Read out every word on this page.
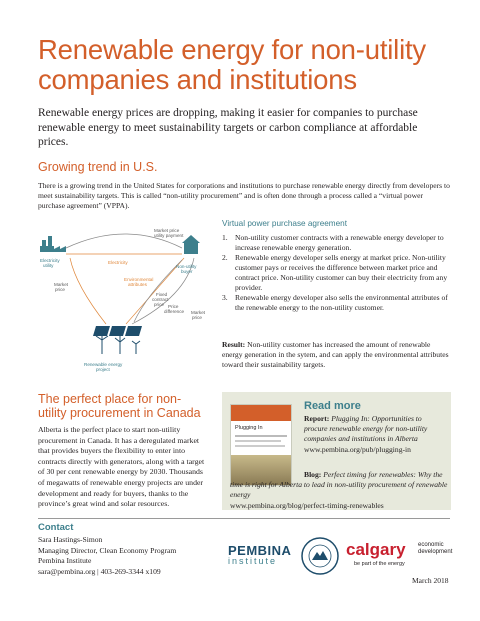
Renewable energy for non-utility
companies and institutions
Renewable energy prices are dropping, making it easier for companies to purchase renewable energy to meet sustainability targets or carbon compliance at affordable prices.
Growing trend in U.S.
There is a growing trend in the United States for corporations and institutions to purchase renewable energy directly from developers to meet sustainability targets. This is called “non-utility procurement” and is often done through a process called a “virtual power purchase agreement” (VPPA).
Market price
utility payment
Electricity
utility
Market
price
Electricity
Environmental
attributes
Non-utility
buyer
Fixed
contract
price Price
difference Market
price
Renewable energy
project
Virtual power purchase agreement
1. Non-utility customer contracts with a renewable energy developer to increase renewable energy generation.
2. Renewable energy developer sells energy at market price. Non-utility customer pays or receives the difference between market price and contract price. Non-utility customer can buy their electricity from any provider.
3. Renewable energy developer also sells the environmental attributes of the renewable energy to the non-utility customer.
Result: Non-utility customer has increased the amount of renewable energy generation in the sytem, and can apply the environmental attributes toward their sustainability targets.
The perfect place for non-
utility procurement in Canada
Alberta is the perfect place to start non-utility procurement in Canada. It has a deregulated market that provides buyers the flexibility to enter into contracts directly with generators, along with a target of 30 per cent renewable energy by 2030. Thousands of megawatts of renewable energy projects are under development and ready for buyers, thanks to the province’s great wind and solar resources.
Plugging In
Read more
Report: Plugging In: Opportunities to procure renewable energy for non-utility companies and institutions in Alberta
www.pembina.org/pub/plugging-in
Blog: Perfect timing for renewables: Why the time is right for Alberta to lead in non-utility procurement of renewable energy
www.pembina.org/blog/perfect-timing-renewables
Contact
Sara Hastings-Simon
Managing Director, Clean Economy Program
Pembina Institute
sara@pembina.org | 403-269-3344 x109
PEMBINA
institute
calgary economic
development
be part of the energy
March 2018
